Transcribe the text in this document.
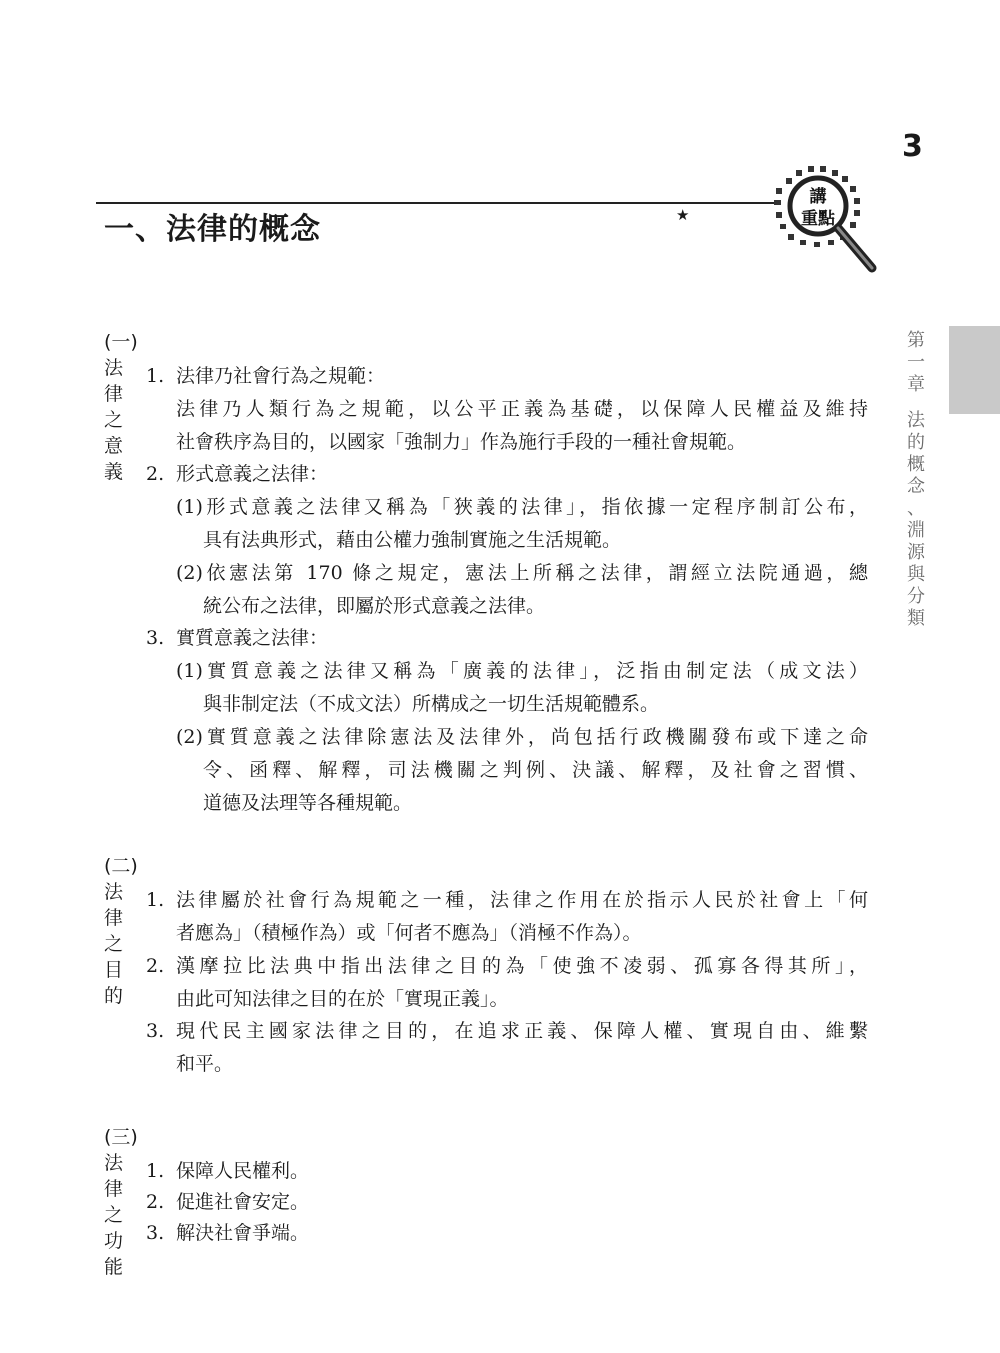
3
一、法律的概念	★
講
重點
第
一
章
法
的
概
念
、
淵
源
與
分
類
(一) 法律之意義
1. 法律乃社會行為之規範：
法律乃人類行為之規範，以公平正義為基礎，以保障人民權益及維持
社會秩序為目的，以國家「強制力」作為施行手段的一種社會規範。
2. 形式意義之法律：
(1)形式意義之法律又稱為「狹義的法律」，指依據一定程序制訂公布，
具有法典形式，藉由公權力強制實施之生活規範。
(2)依憲法第 170 條之規定，憲法上所稱之法律，謂經立法院通過，總
統公布之法律，即屬於形式意義之法律。
3. 實質意義之法律：
(1)實質意義之法律又稱為「廣義的法律」，泛指由制定法（成文法）
與非制定法（不成文法）所構成之一切生活規範體系。
(2)實質意義之法律除憲法及法律外，尚包括行政機關發布或下達之命
令、函釋、解釋，司法機關之判例、決議、解釋，及社會之習慣、
道德及法理等各種規範。
(二) 法律之目的
1. 法律屬於社會行為規範之一種，法律之作用在於指示人民於社會上「何
者應為」（積極作為）或「何者不應為」（消極不作為）。
2. 漢摩拉比法典中指出法律之目的為「使強不凌弱、孤寡各得其所」，
由此可知法律之目的在於「實現正義」。
3. 現代民主國家法律之目的，在追求正義、保障人權、實現自由、維繫
和平。
(三) 法律之功能
1. 保障人民權利。
2. 促進社會安定。
3. 解決社會爭端。
